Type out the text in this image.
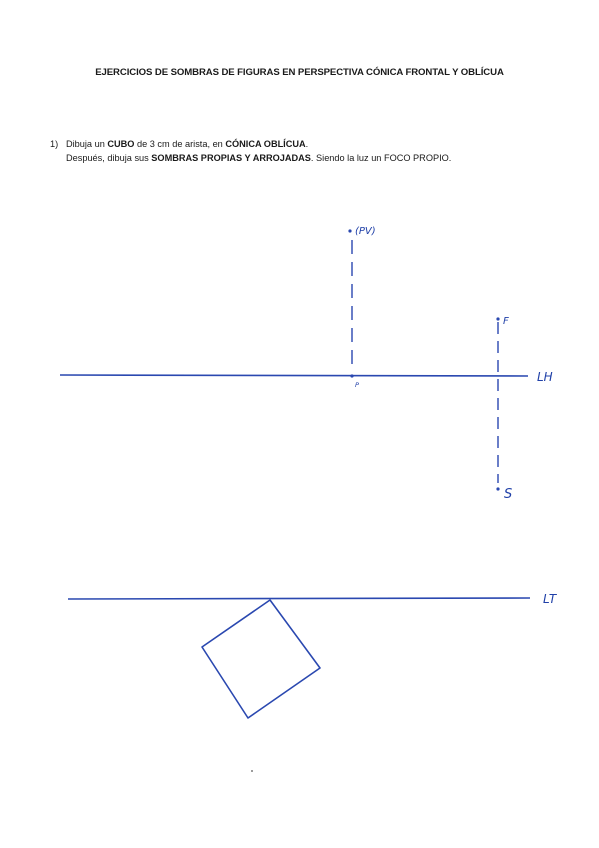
EJERCICIOS DE SOMBRAS DE FIGURAS EN PERSPECTIVA CÓNICA FRONTAL Y OBLÍCUA
1) Dibuja un CUBO de 3 cm de arista, en CÓNICA OBLÍCUA.
Después, dibuja sus SOMBRAS PROPIAS Y ARROJADAS. Siendo la luz un FOCO PROPIO.
(PV)
P
F
S
LH
LT
